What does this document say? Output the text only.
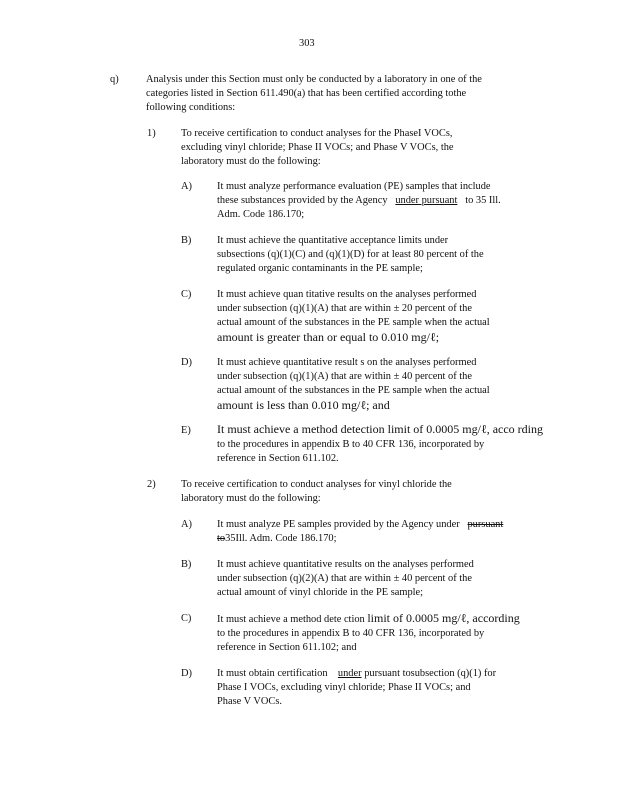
303
q)	Analysis under this Section must only be conducted by a laboratory in one of the
categories listed in Section 611.490(a) that has been certified according tothe
following conditions:
1) To receive certification to conduct analyses for the PhaseI VOCs,
excluding vinyl chloride; Phase II VOCs; and Phase V VOCs, the
laboratory must do the following:
A) It must analyze performance evaluation (PE) samples that include
these substances provided by the Agency under pursuant to 35 Ill.
Adm. Code 186.170;
B) It must achieve the quantitative acceptance limits under
subsections (q)(1)(C) and (q)(1)(D) for at least 80 percent of the
regulated organic contaminants in the PE sample;
C) It must achieve quan titative results on the analyses performed
under subsection (q)(1)(A) that are within ± 20 percent of the
actual amount of the substances in the PE sample when the actual
amount is greater than or equal to 0.010 mg/ℓ;
D) It must achieve quantitative result s on the analyses performed
under subsection (q)(1)(A) that are within ± 40 percent of the
actual amount of the substances in the PE sample when the actual
amount is less than 0.010 mg/ℓ; and
E) It must achieve a method detection limit of 0.0005 mg/ℓ, acco rding
to the procedures in appendix B to 40 CFR 136, incorporated by
reference in Section 611.102.
2) To receive certification to conduct analyses for vinyl chloride the
laboratory must do the following:
A) It must analyze PE samples provided by the Agency under pursuant
to35Ill. Adm. Code 186.170;
B) It must achieve quantitative results on the analyses performed
under subsection (q)(2)(A) that are within ± 40 percent of the
actual amount of vinyl chloride in the PE sample;
C) It must achieve a method dete ction limit of 0.0005 mg/ℓ, according
to the procedures in appendix B to 40 CFR 136, incorporated by
reference in Section 611.102; and
D) It must obtain certification under pursuant tosubsection (q)(1) for
Phase I VOCs, excluding vinyl chloride; Phase II VOCs; and
Phase V VOCs.
